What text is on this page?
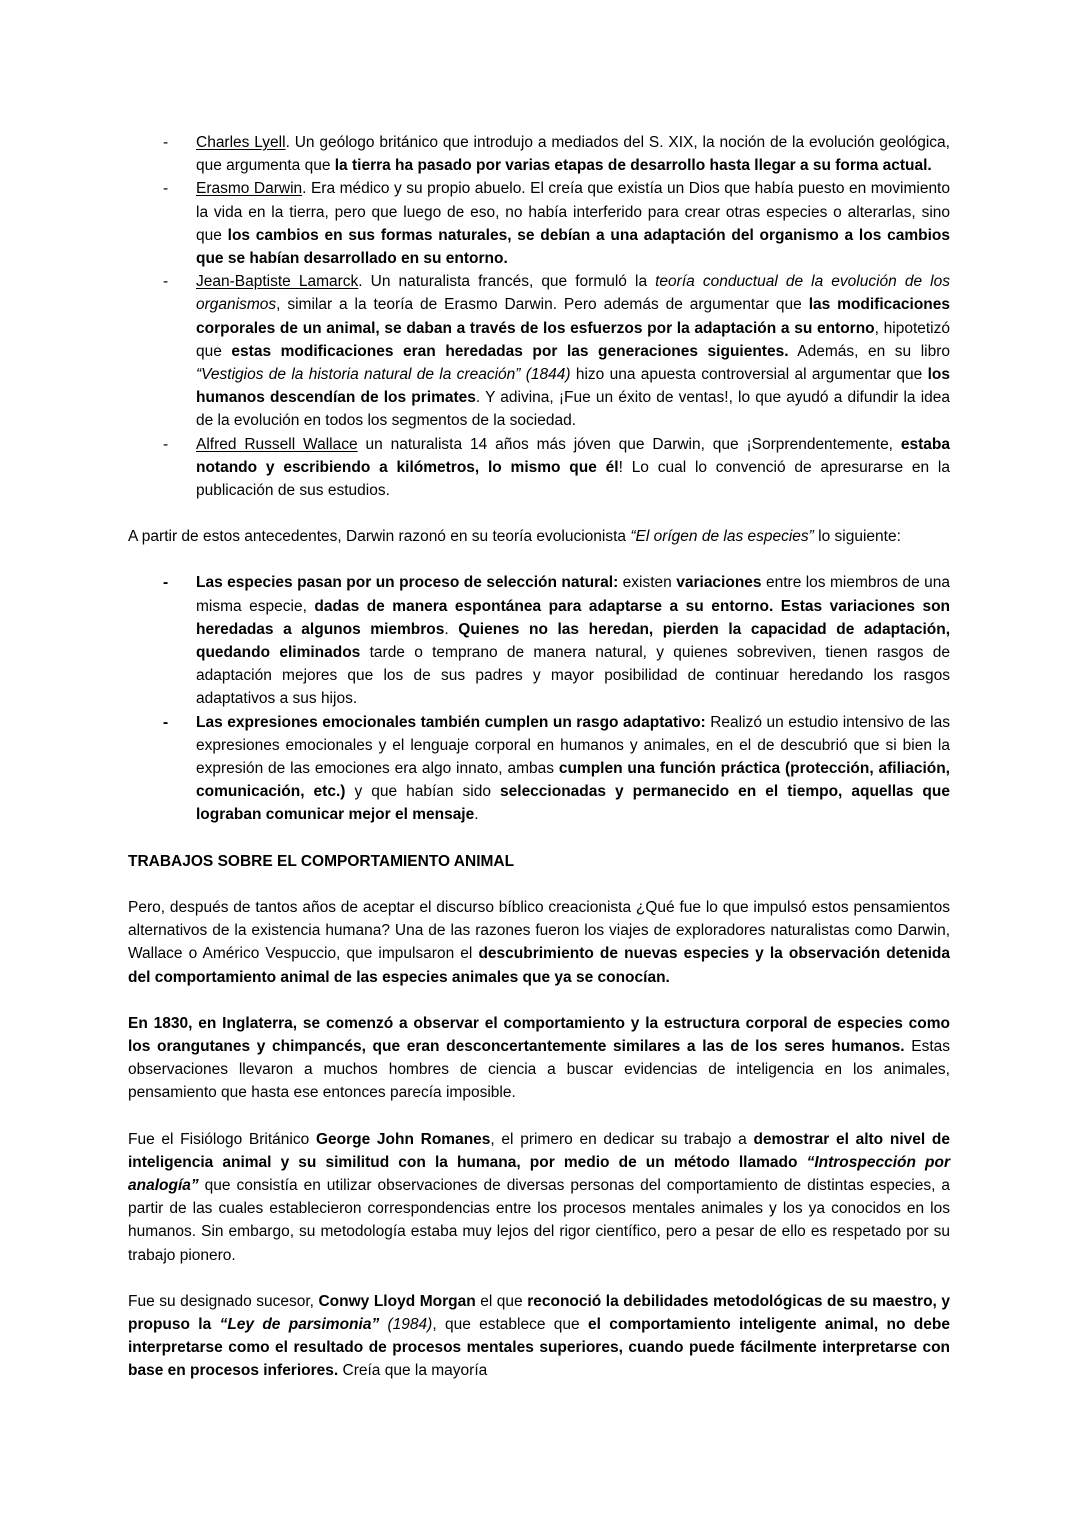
- Charles Lyell. Un geólogo británico que introdujo a mediados del S. XIX, la noción de la evolución geológica, que argumenta que la tierra ha pasado por varias etapas de desarrollo hasta llegar a su forma actual.
- Erasmo Darwin. Era médico y su propio abuelo. El creía que existía un Dios que había puesto en movimiento la vida en la tierra, pero que luego de eso, no había interferido para crear otras especies o alterarlas, sino que los cambios en sus formas naturales, se debían a una adaptación del organismo a los cambios que se habían desarrollado en su entorno.
- Jean-Baptiste Lamarck. Un naturalista francés, que formuló la teoría conductual de la evolución de los organismos, similar a la teoría de Erasmo Darwin. Pero además de argumentar que las modificaciones corporales de un animal, se daban a través de los esfuerzos por la adaptación a su entorno, hipotetizó que estas modificaciones eran heredadas por las generaciones siguientes. Además, en su libro “Vestigios de la historia natural de la creación” (1844) hizo una apuesta controversial al argumentar que los humanos descendían de los primates. Y adivina, ¡Fue un éxito de ventas!, lo que ayudó a difundir la idea de la evolución en todos los segmentos de la sociedad.
- Alfred Russell Wallace un naturalista 14 años más jóven que Darwin, que ¡Sorprendentemente, estaba notando y escribiendo a kilómetros, lo mismo que él! Lo cual lo convenció de apresurarse en la publicación de sus estudios.

A partir de estos antecedentes, Darwin razonó en su teoría evolucionista “El orígen de las especies” lo siguiente:

- Las especies pasan por un proceso de selección natural: existen variaciones entre los miembros de una misma especie, dadas de manera espontánea para adaptarse a su entorno. Estas variaciones son heredadas a algunos miembros. Quienes no las heredan, pierden la capacidad de adaptación, quedando eliminados tarde o temprano de manera natural, y quienes sobreviven, tienen rasgos de adaptación mejores que los de sus padres y mayor posibilidad de continuar heredando los rasgos adaptativos a sus hijos.
- Las expresiones emocionales también cumplen un rasgo adaptativo: Realizó un estudio intensivo de las expresiones emocionales y el lenguaje corporal en humanos y animales, en el de descubrió que si bien la expresión de las emociones era algo innato, ambas cumplen una función práctica (protección, afiliación, comunicación, etc.) y que habían sido seleccionadas y permanecido en el tiempo, aquellas que lograban comunicar mejor el mensaje.
TRABAJOS SOBRE EL COMPORTAMIENTO ANIMAL

Pero, después de tantos años de aceptar el discurso bíblico creacionista ¿Qué fue lo que impulsó estos pensamientos alternativos de la existencia humana? Una de las razones fueron los viajes de exploradores naturalistas como Darwin, Wallace o Américo Vespuccio, que impulsaron el descubrimiento de nuevas especies y la observación detenida del comportamiento animal de las especies animales que ya se conocían.

En 1830, en Inglaterra, se comenzó a observar el comportamiento y la estructura corporal de especies como los orangutanes y chimpancés, que eran desconcertantemente similares a las de los seres humanos. Estas observaciones llevaron a muchos hombres de ciencia a buscar evidencias de inteligencia en los animales, pensamiento que hasta ese entonces parecía imposible.

Fue el Fisiólogo Británico George John Romanes, el primero en dedicar su trabajo a demostrar el alto nivel de inteligencia animal y su similitud con la humana, por medio de un método llamado “Introspección por analogía” que consistía en utilizar observaciones de diversas personas del comportamiento de distintas especies, a partir de las cuales establecieron correspondencias entre los procesos mentales animales y los ya conocidos en los humanos. Sin embargo, su metodología estaba muy lejos del rigor científico, pero a pesar de ello es respetado por su trabajo pionero.

Fue su designado sucesor, Conwy Lloyd Morgan el que reconoció la debilidades metodológicas de su maestro, y propuso la “Ley de parsimonia” (1984), que establece que el comportamiento inteligente animal, no debe interpretarse como el resultado de procesos mentales superiores, cuando puede fácilmente interpretarse con base en procesos inferiores. Creía que la mayoría
